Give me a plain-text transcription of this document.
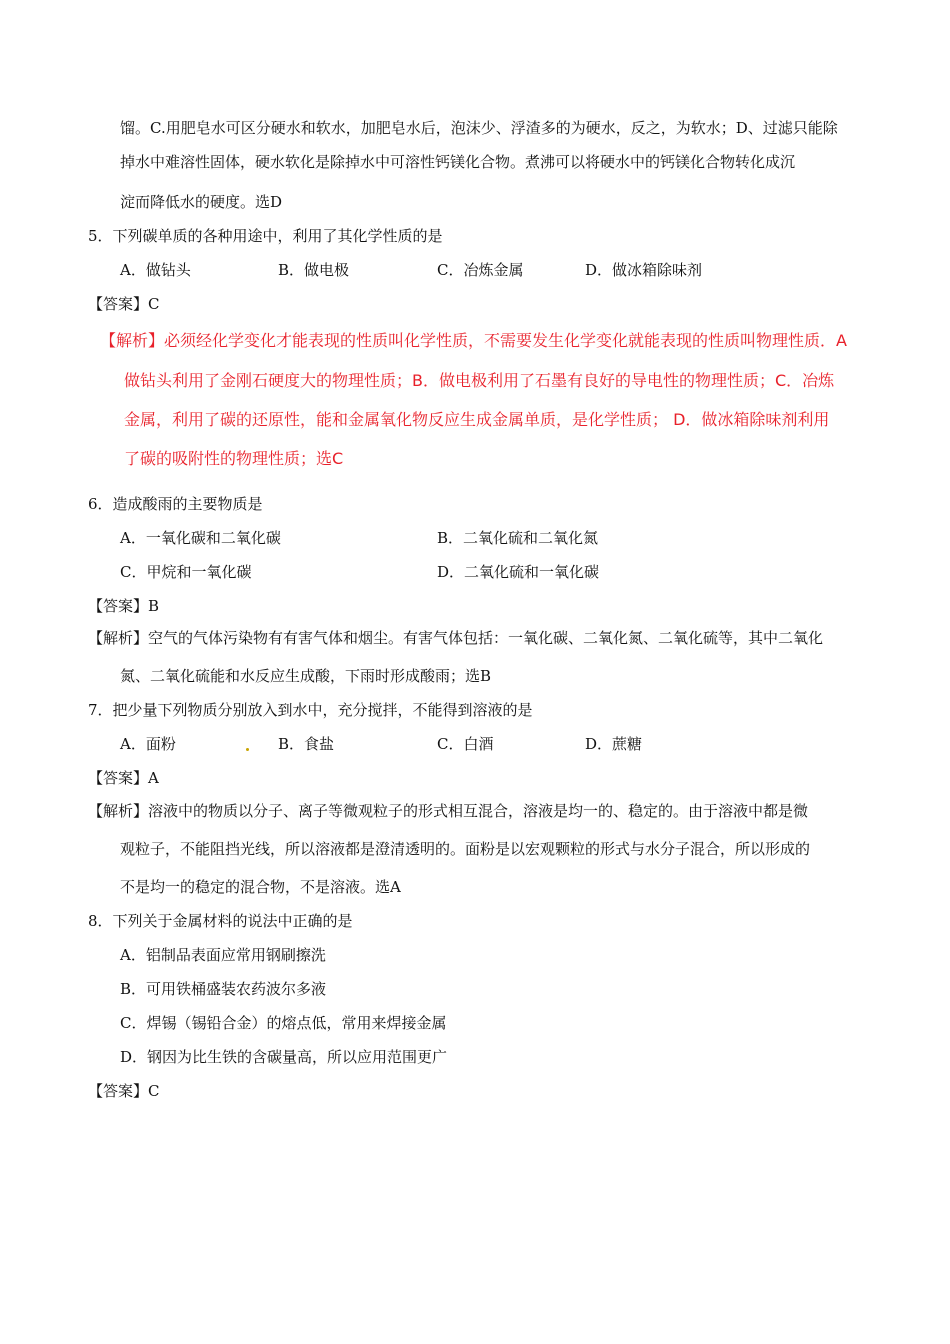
馏。C.用肥皂水可区分硬水和软水，加肥皂水后，泡沫少、浮渣多的为硬水，反之，为软水；D、过滤只能除
掉水中难溶性固体，硬水软化是除掉水中可溶性钙镁化合物。煮沸可以将硬水中的钙镁化合物转化成沉
淀而降低水的硬度。选D
5．下列碳单质的各种用途中，利用了其化学性质的是
A．做钻头	B．做电极	C．冶炼金属	D．做冰箱除味剂
【答案】C
【解析】必须经化学变化才能表现的性质叫化学性质，不需要发生化学变化就能表现的性质叫物理性质．A
做钻头利用了金刚石硬度大的物理性质；B．做电极利用了石墨有良好的导电性的物理性质；C．冶炼
金属，利用了碳的还原性，能和金属氧化物反应生成金属单质，是化学性质； D．做冰箱除味剂利用
了碳的吸附性的物理性质；选C
6．造成酸雨的主要物质是
A．一氧化碳和二氧化碳	B．二氧化硫和二氧化氮
C．甲烷和一氧化碳	D．二氧化硫和一氧化碳
【答案】B
【解析】空气的气体污染物有有害气体和烟尘。有害气体包括：一氧化碳、二氧化氮、二氧化硫等，其中二氧化
氮、二氧化硫能和水反应生成酸，下雨时形成酸雨；选B
7．把少量下列物质分别放入到水中，充分搅拌，不能得到溶液的是
A．面粉	B．食盐	C．白酒	D．蔗糖
【答案】A
【解析】溶液中的物质以分子、离子等微观粒子的形式相互混合，溶液是均一的、稳定的。由于溶液中都是微
观粒子，不能阻挡光线，所以溶液都是澄清透明的。面粉是以宏观颗粒的形式与水分子混合，所以形成的
不是均一的稳定的混合物，不是溶液。选A
8．下列关于金属材料的说法中正确的是
A．铝制品表面应常用钢刷擦洗
B．可用铁桶盛装农药波尔多液
C．焊锡（锡铅合金）的熔点低，常用来焊接金属
D．钢因为比生铁的含碳量高，所以应用范围更广
【答案】C
